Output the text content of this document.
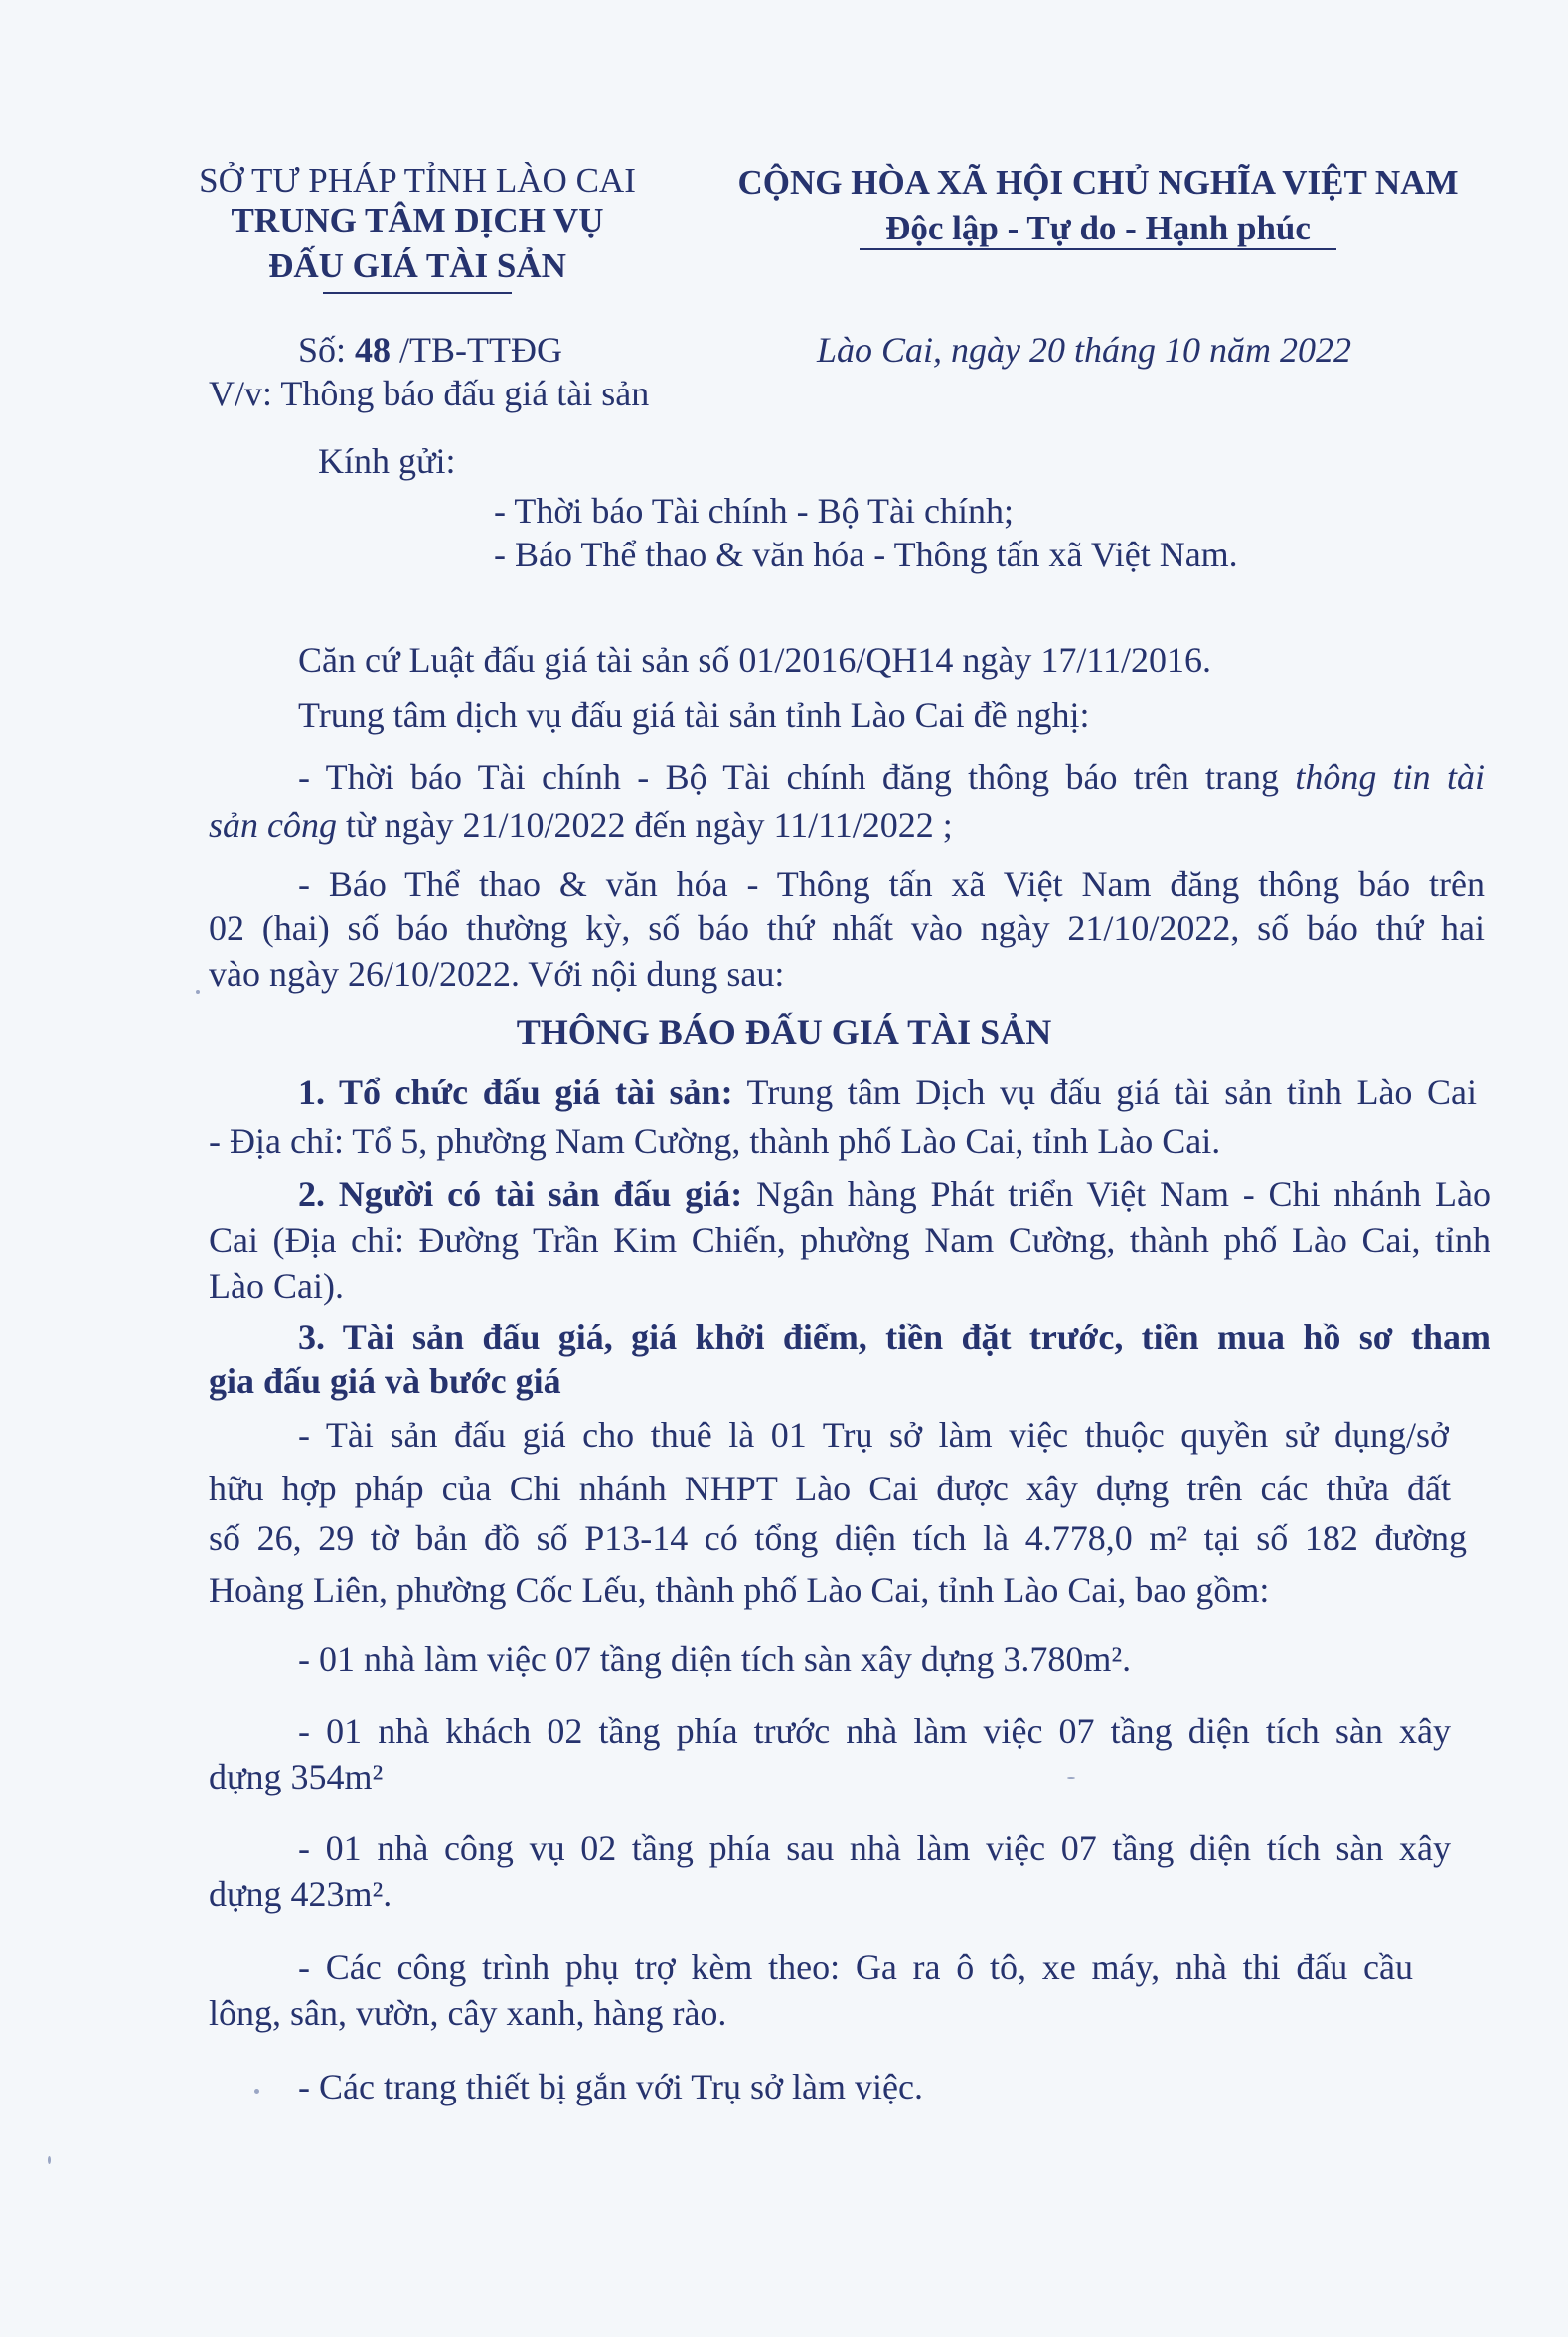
SỞ TƯ PHÁP TỈNH LÀO CAI
TRUNG TÂM DỊCH VỤ
ĐẤU GIÁ TÀI SẢN
CỘNG HÒA XÃ HỘI CHỦ NGHĨA VIỆT NAM
Độc lập - Tự do - Hạnh phúc
Số: 48 /TB-TTĐG
V/v: Thông báo đấu giá tài sản
Lào Cai, ngày 20 tháng 10 năm 2022
Kính gửi:
- Thời báo Tài chính - Bộ Tài chính;
- Báo Thể thao & văn hóa - Thông tấn xã Việt Nam.
Căn cứ Luật đấu giá tài sản số 01/2016/QH14 ngày 17/11/2016.
Trung tâm dịch vụ đấu giá tài sản tỉnh Lào Cai đề nghị:
- Thời báo Tài chính - Bộ Tài chính đăng thông báo trên trang thông tin tài
sản công từ ngày 21/10/2022 đến ngày 11/11/2022 ;
- Báo Thể thao & văn hóa - Thông tấn xã Việt Nam đăng thông báo trên
02 (hai) số báo thường kỳ, số báo thứ nhất vào ngày 21/10/2022, số báo thứ hai
vào ngày 26/10/2022. Với nội dung sau:
THÔNG BÁO ĐẤU GIÁ TÀI SẢN
1. Tổ chức đấu giá tài sản: Trung tâm Dịch vụ đấu giá tài sản tỉnh Lào Cai
- Địa chỉ: Tổ 5, phường Nam Cường, thành phố Lào Cai, tỉnh Lào Cai.
2. Người có tài sản đấu giá: Ngân hàng Phát triển Việt Nam - Chi nhánh Lào
Cai (Địa chỉ: Đường Trần Kim Chiến, phường Nam Cường, thành phố Lào Cai, tỉnh
Lào Cai).
3. Tài sản đấu giá, giá khởi điểm, tiền đặt trước, tiền mua hồ sơ tham
gia đấu giá và bước giá
- Tài sản đấu giá cho thuê là 01 Trụ sở làm việc thuộc quyền sử dụng/sở
hữu hợp pháp của Chi nhánh NHPT Lào Cai được xây dựng trên các thửa đất
số 26, 29 tờ bản đồ số P13-14 có tổng diện tích là 4.778,0 m² tại số 182 đường
Hoàng Liên, phường Cốc Lếu, thành phố Lào Cai, tỉnh Lào Cai, bao gồm:
- 01 nhà làm việc 07 tầng diện tích sàn xây dựng 3.780m².
- 01 nhà khách 02 tầng phía trước nhà làm việc 07 tầng diện tích sàn xây
dựng 354m²
- 01 nhà công vụ 02 tầng phía sau nhà làm việc 07 tầng diện tích sàn xây
dựng 423m².
- Các công trình phụ trợ kèm theo: Ga ra ô tô, xe máy, nhà thi đấu cầu
lông, sân, vườn, cây xanh, hàng rào.
- Các trang thiết bị gắn với Trụ sở làm việc.
